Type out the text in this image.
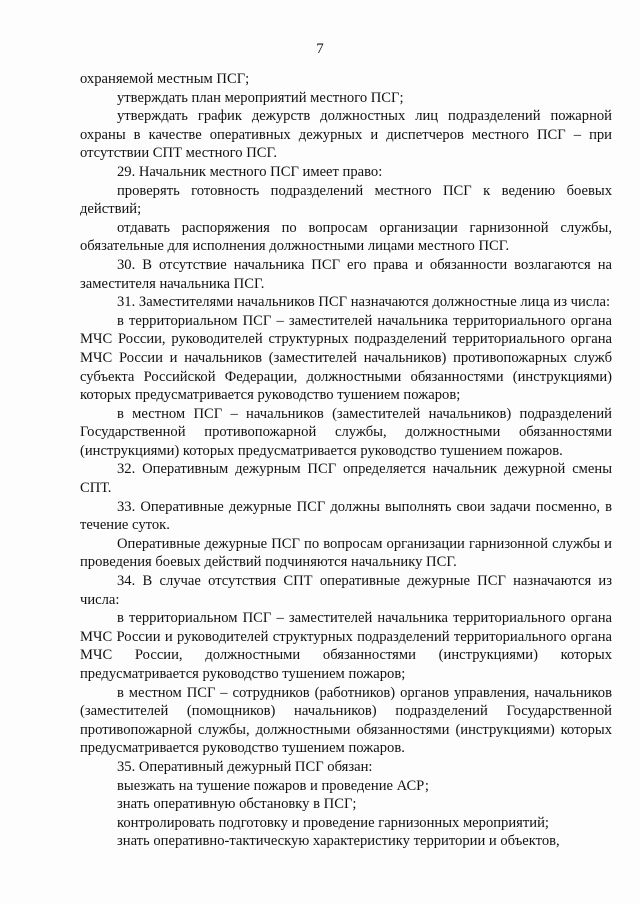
7

охраняемой местным ПСГ;

утверждать план мероприятий местного ПСГ;

утверждать график дежурств должностных лиц подразделений пожарной охраны в качестве оперативных дежурных и диспетчеров местного ПСГ – при отсутствии СПТ местного ПСГ.

29. Начальник местного ПСГ имеет право:

проверять готовность подразделений местного ПСГ к ведению боевых действий;

отдавать распоряжения по вопросам организации гарнизонной службы, обязательные для исполнения должностными лицами местного ПСГ.

30. В отсутствие начальника ПСГ его права и обязанности возлагаются на заместителя начальника ПСГ.

31. Заместителями начальников ПСГ назначаются должностные лица из числа:

в территориальном ПСГ – заместителей начальника территориального органа МЧС России, руководителей структурных подразделений территориального органа МЧС России и начальников (заместителей начальников) противопожарных служб субъекта Российской Федерации, должностными обязанностями (инструкциями) которых предусматривается руководство тушением пожаров;

в местном ПСГ – начальников (заместителей начальников) подразделений Государственной противопожарной службы, должностными обязанностями (инструкциями) которых предусматривается руководство тушением пожаров.

32. Оперативным дежурным ПСГ определяется начальник дежурной смены СПТ.

33. Оперативные дежурные ПСГ должны выполнять свои задачи посменно, в течение суток.

Оперативные дежурные ПСГ по вопросам организации гарнизонной службы и проведения боевых действий подчиняются начальнику ПСГ.

34. В случае отсутствия СПТ оперативные дежурные ПСГ назначаются из числа:

в территориальном ПСГ – заместителей начальника территориального органа МЧС России и руководителей структурных подразделений территориального органа МЧС России, должностными обязанностями (инструкциями) которых предусматривается руководство тушением пожаров;

в местном ПСГ – сотрудников (работников) органов управления, начальников (заместителей (помощников) начальников) подразделений Государственной противопожарной службы, должностными обязанностями (инструкциями) которых предусматривается руководство тушением пожаров.

35. Оперативный дежурный ПСГ обязан:

выезжать на тушение пожаров и проведение АСР;

знать оперативную обстановку в ПСГ;

контролировать подготовку и проведение гарнизонных мероприятий;

знать оперативно-тактическую характеристику территории и объектов,
